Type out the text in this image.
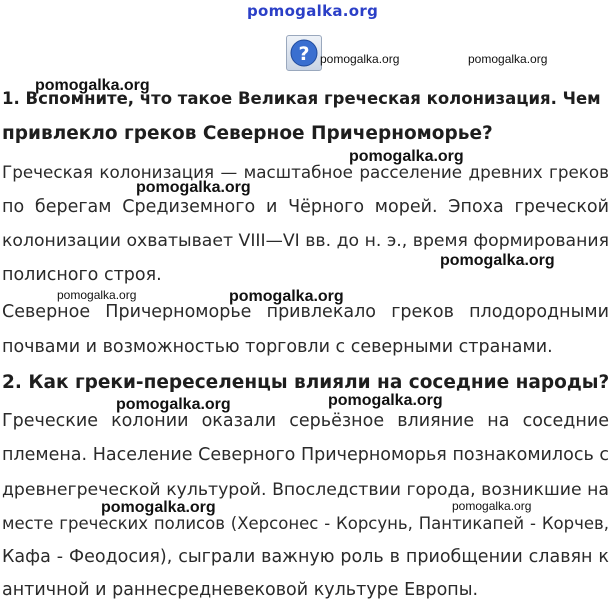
pomogalka.org
? pomogalka.org	pomogalka.org
pomogalka.org
1. Вспомните, что такое Великая греческая колонизация. Чем
привлекло греков Северное Причерноморье?
pomogalka.org
pomogalka.org
Греческая колонизация — масштабное расселение древних греков
по берегам Средиземного и Чёрного морей. Эпоха греческой
колонизации охватывает VIII—VI вв. до н. э., время формирования
полисного строя.
pomogalka.org
pomogalka.org	pomogalka.org
Северное Причерноморье привлекало греков плодородными
почвами и возможностью торговли с северными странами.
2. Как греки-переселенцы влияли на соседние народы?
pomogalka.org	pomogalka.org
Греческие колонии оказали серьёзное влияние на соседние
племена. Население Северного Причерноморья познакомилось с
древнегреческой культурой. Впоследствии города, возникшие на
pomogalka.org	pomogalka.org
месте греческих полисов (Херсонес - Корсунь, Пантикапей - Корчев,
Кафа - Феодосия), сыграли важную роль в приобщении славян к
античной и раннесредневековой культуре Европы.
